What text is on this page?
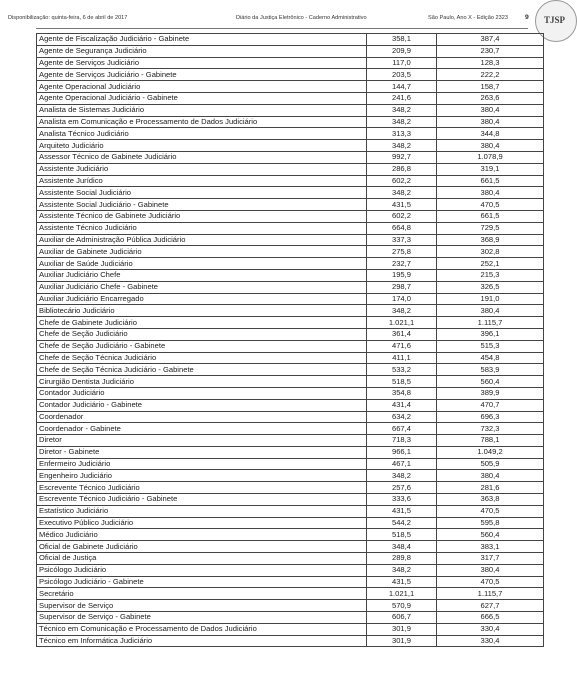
Disponibilização: quinta-feira, 6 de abril de 2017	Diário da Justiça Eletrônico - Caderno Administrativo	São Paulo, Ano X - Edição 2323	9 TJSP
Agente de Fiscalização Judiciário - Gabinete	358,1	387,4
Agente de Segurança Judiciário	209,9	230,7
Agente de Serviços Judiciário	117,0	128,3
Agente de Serviços Judiciário - Gabinete	203,5	222,2
Agente Operacional Judiciário	144,7	158,7
Agente Operacional Judiciário - Gabinete	241,6	263,6
Analista de Sistemas Judiciário	348,2	380,4
Analista em Comunicação e Processamento de Dados Judiciário	348,2	380,4
Analista Técnico Judiciário	313,3	344,8
Arquiteto Judiciário	348,2	380,4
Assessor Técnico de Gabinete Judiciário	992,7	1.078,9
Assistente Judiciário	286,8	319,1
Assistente Jurídico	602,2	661,5
Assistente Social Judiciário	348,2	380,4
Assistente Social Judiciário - Gabinete	431,5	470,5
Assistente Técnico de Gabinete Judiciário	602,2	661,5
Assistente Técnico Judiciário	664,8	729,5
Auxiliar de Administração Pública Judiciário	337,3	368,9
Auxiliar de Gabinete Judiciário	275,8	302,8
Auxiliar de Saúde Judiciário	232,7	252,1
Auxiliar Judiciário Chefe	195,9	215,3
Auxiliar Judiciário Chefe - Gabinete	298,7	326,5
Auxiliar Judiciário Encarregado	174,0	191,0
Bibliotecário Judiciário	348,2	380,4
Chefe de Gabinete Judiciário	1.021,1	1.115,7
Chefe de Seção Judiciário	361,4	396,1
Chefe de Seção Judiciário - Gabinete	471,6	515,3
Chefe de Seção Técnica Judiciário	411,1	454,8
Chefe de Seção Técnica Judiciário - Gabinete	533,2	583,9
Cirurgião Dentista Judiciário	518,5	560,4
Contador Judiciário	354,8	389,9
Contador Judiciário - Gabinete	431,4	470,7
Coordenador	634,2	696,3
Coordenador - Gabinete	667,4	732,3
Diretor	718,3	788,1
Diretor - Gabinete	966,1	1.049,2
Enfermeiro Judiciário	467,1	505,9
Engenheiro Judiciário	348,2	380,4
Escrevente Técnico Judiciário	257,6	281,6
Escrevente Técnico Judiciário - Gabinete	333,6	363,8
Estatístico Judiciário	431,5	470,5
Executivo Público Judiciário	544,2	595,8
Médico Judiciário	518,5	560,4
Oficial de Gabinete Judiciário	348,4	383,1
Oficial de Justiça	289,8	317,7
Psicólogo Judiciário	348,2	380,4
Psicólogo Judiciário - Gabinete	431,5	470,5
Secretário	1.021,1	1.115,7
Supervisor de Serviço	570,9	627,7
Supervisor de Serviço - Gabinete	606,7	666,5
Técnico em Comunicação e Processamento de Dados Judiciário	301,9	330,4
Técnico em Informática Judiciário	301,9	330,4
